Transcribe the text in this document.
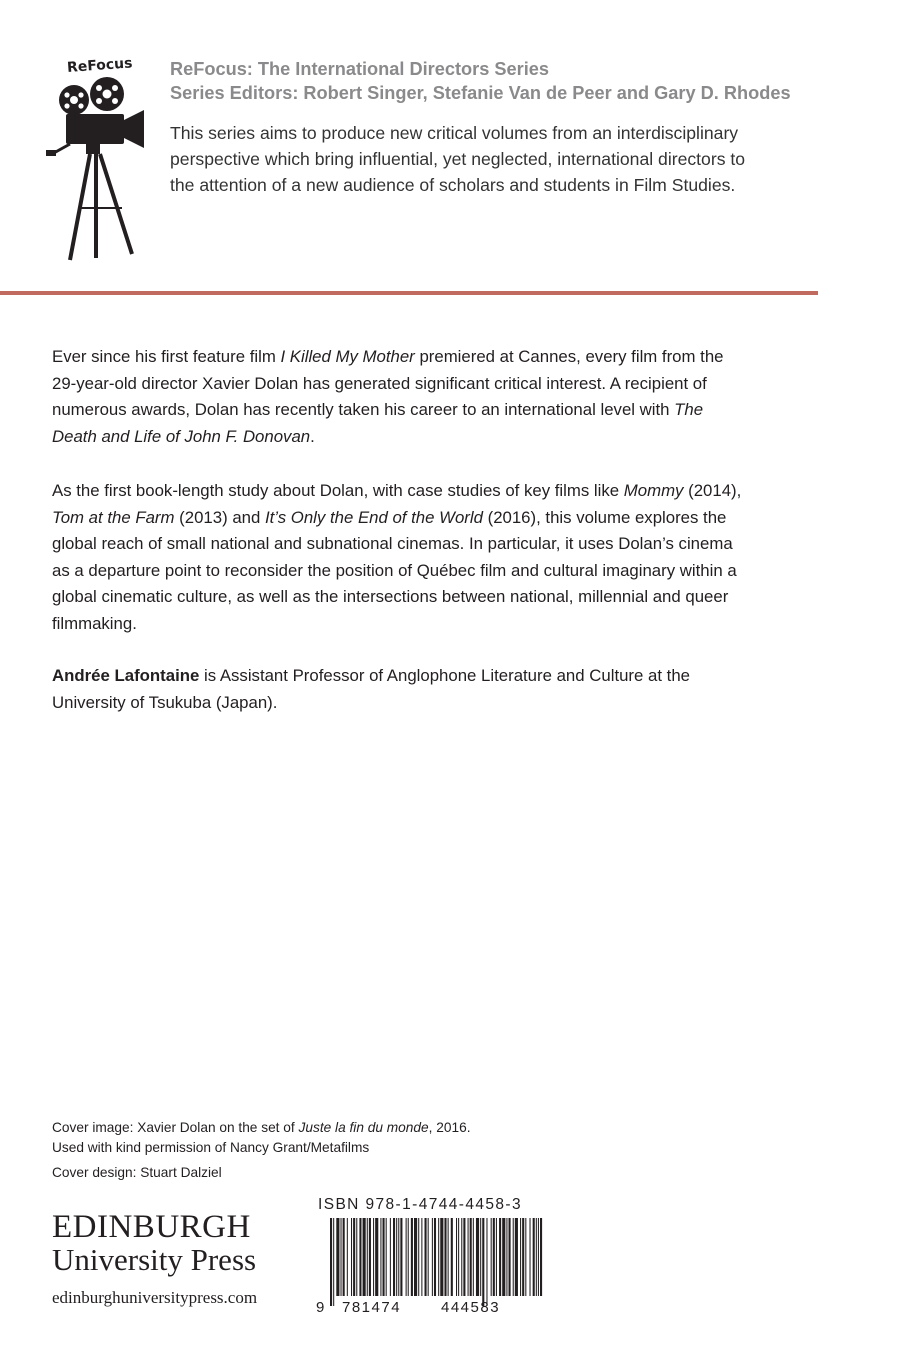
ReFocus ReFocus: The International Directors Series
Series Editors: Robert Singer, Stefanie Van de Peer and Gary D. Rhodes
This series aims to produce new critical volumes from an interdisciplinary perspective which bring influential, yet neglected, international directors to the attention of a new audience of scholars and students in Film Studies.
Ever since his first feature film I Killed My Mother premiered at Cannes, every film from the 29-year-old director Xavier Dolan has generated significant critical interest. A recipient of numerous awards, Dolan has recently taken his career to an international level with The Death and Life of John F. Donovan.
As the first book-length study about Dolan, with case studies of key films like Mommy (2014), Tom at the Farm (2013) and It’s Only the End of the World (2016), this volume explores the global reach of small national and subnational cinemas. In particular, it uses Dolan’s cinema as a departure point to reconsider the position of Québec film and cultural imaginary within a global cinematic culture, as well as the intersections between national, millennial and queer filmmaking.
Andrée Lafontaine is Assistant Professor of Anglophone Literature and Culture at the University of Tsukuba (Japan).
Cover image: Xavier Dolan on the set of Juste la fin du monde, 2016.
Used with kind permission of Nancy Grant/Metafilms
Cover design: Stuart Dalziel
EDINBURGH
University Press
edinburghuniversitypress.com
ISBN 978-1-4744-4458-3
9 781474	444583
